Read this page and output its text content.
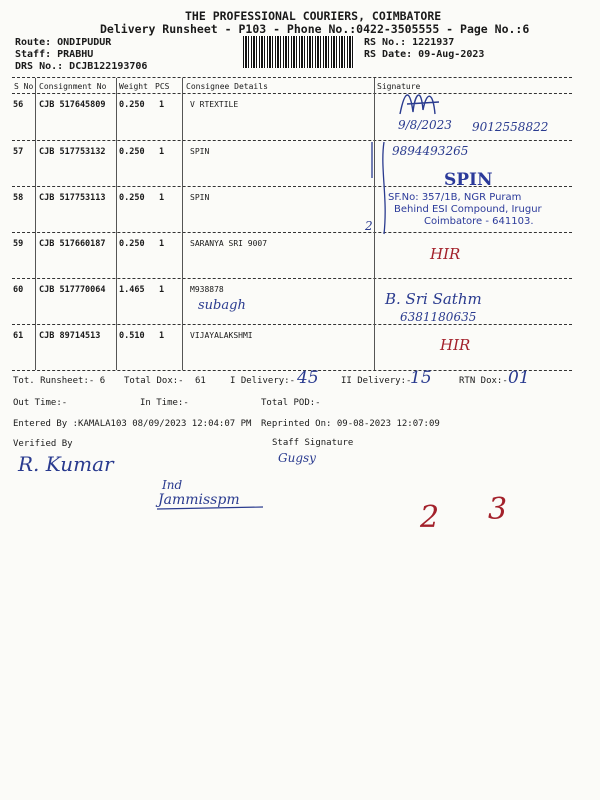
THE PROFESSIONAL COURIERS, COIMBATORE
Delivery Runsheet - P103 - Phone No.:0422-3505555 - Page No.:6
Route: ONDIPUDUR
Staff: PRABHU
DRS No.: DCJB122193706
RS No.: 1221937
RS Date: 09-Aug-2023
S No Consignment No Weight PCS Consignee Details	Signature
56 CJB 517645809 0.250 1	V RTEXTILE
57 CJB 517753132 0.250 1	SPIN
58 CJB 517753113 0.250 1	SPIN
59 CJB 517660187 0.250 1	SARANYA SRI 9007
60 CJB 517770064 1.465 1	M938878
61 CJB 89714513 0.510 1	VIJAYALAKSHMI
9/8/2023 9012558822
9894493265
2
SPIN
SF.No: 357/1B, NGR Puram
Behind ESI Compound, Irugur
Coimbatore - 641103.
HIR
B. Sri Sathm
6381180635
subagh
HIR
Tot. Runsheet:- 6 Total Dox:- 61	I Delivery:- 45 II Delivery:-
15	RTN Dox:- 01
Out Time:-	In Time:-	Total POD:-
Entered By :KAMALA103 08/09/2023 12:04:07 PM Reprinted On: 09-08-2023 12:07:09
Verified By	Staff Signature
R. Kumar	Gugsy
Ind
Jammisspm	2 3
